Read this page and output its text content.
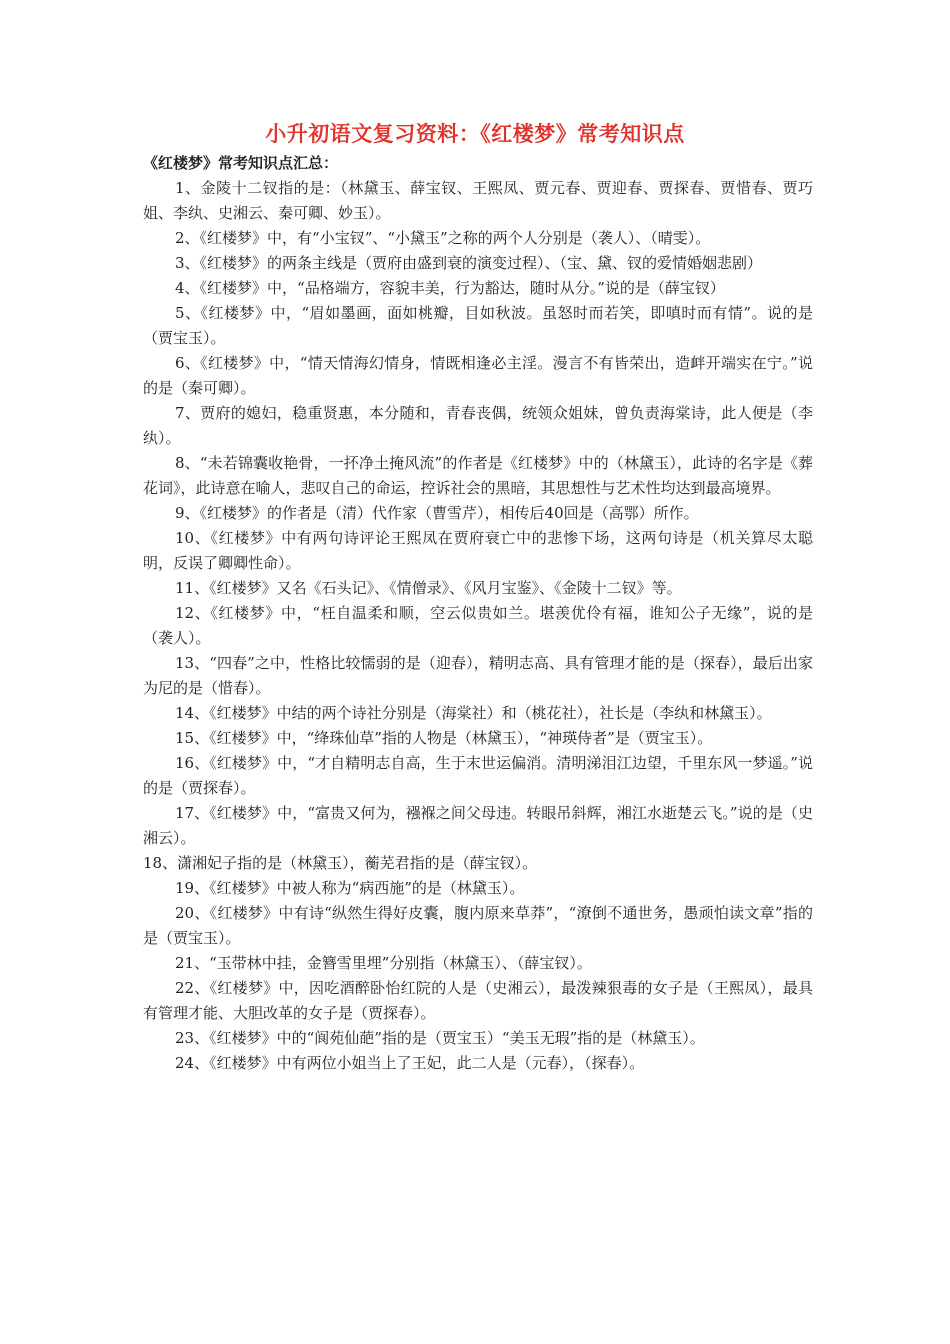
小升初语文复习资料：《红楼梦》常考知识点
《红楼梦》常考知识点汇总：

1、金陵十二钗指的是：（林黛玉、薛宝钗、王熙凤、贾元春、贾迎春、贾探春、贾惜春、贾巧姐、李纨、史湘云、秦可卿、妙玉）。

2、《红楼梦》中，有“小宝钗”、“小黛玉”之称的两个人分别是（袭人）、（晴雯）。

3、《红楼梦》的两条主线是（贾府由盛到衰的演变过程）、（宝、黛、钗的爱情婚姻悲剧）

4、《红楼梦》中，“品格端方，容貌丰美，行为豁达，随时从分。”说的是（薛宝钗）

5、《红楼梦》中，“眉如墨画，面如桃瓣，目如秋波。虽怒时而若笑，即嗔时而有情”。说的是（贾宝玉）。

6、《红楼梦》中，“情天情海幻情身，情既相逢必主淫。漫言不有皆荣出，造衅开端实在宁。”说的是（秦可卿）。

7、贾府的媳妇，稳重贤惠，本分随和，青春丧偶，统领众姐妹，曾负责海棠诗，此人便是（李纨）。

8、“未若锦囊收艳骨，一抔净土掩风流”的作者是《红楼梦》中的（林黛玉），此诗的名字是《葬花词》，此诗意在喻人，悲叹自己的命运，控诉社会的黑暗，其思想性与艺术性均达到最高境界。

9、《红楼梦》的作者是（清）代作家（曹雪芹），相传后40回是（高鄂）所作。

10、《红楼梦》中有两句诗评论王熙凤在贾府衰亡中的悲惨下场，这两句诗是（机关算尽太聪明，反误了卿卿性命）。

11、《红楼梦》又名《石头记》、《情僧录》、《风月宝鉴》、《金陵十二钗》等。

12、《红楼梦》中，“枉自温柔和顺，空云似贵如兰。堪羡优伶有福，谁知公子无缘”，说的是（袭人）。

13、“四春”之中，性格比较懦弱的是（迎春），精明志高、具有管理才能的是（探春），最后出家为尼的是（惜春）。

14、《红楼梦》中结的两个诗社分别是（海棠社）和（桃花社），社长是（李纨和林黛玉）。

15、《红楼梦》中，“绛珠仙草”指的人物是（林黛玉），“神瑛侍者”是（贾宝玉）。

16、《红楼梦》中，“才自精明志自高，生于末世运偏消。清明涕泪江边望，千里东风一梦遥。”说的是（贾探春）。

17、《红楼梦》中，“富贵又何为，襁褓之间父母违。转眼吊斜辉，湘江水逝楚云飞。”说的是（史湘云）。

18、潇湘妃子指的是（林黛玉），蘅芜君指的是（薛宝钗）。

19、《红楼梦》中被人称为“病西施”的是（林黛玉）。

20、《红楼梦》中有诗“纵然生得好皮囊，腹内原来草莽”，“潦倒不通世务，愚顽怕读文章”指的是（贾宝玉）。

21、“玉带林中挂，金簪雪里埋”分别指（林黛玉）、（薛宝钗）。

22、《红楼梦》中，因吃酒醉卧怡红院的人是（史湘云），最泼辣狠毒的女子是（王熙凤），最具有管理才能、大胆改革的女子是（贾探春）。

23、《红楼梦》中的“阆苑仙葩”指的是（贾宝玉）“美玉无瑕”指的是（林黛玉）。

24、《红楼梦》中有两位小姐当上了王妃，此二人是（元春），（探春）。
